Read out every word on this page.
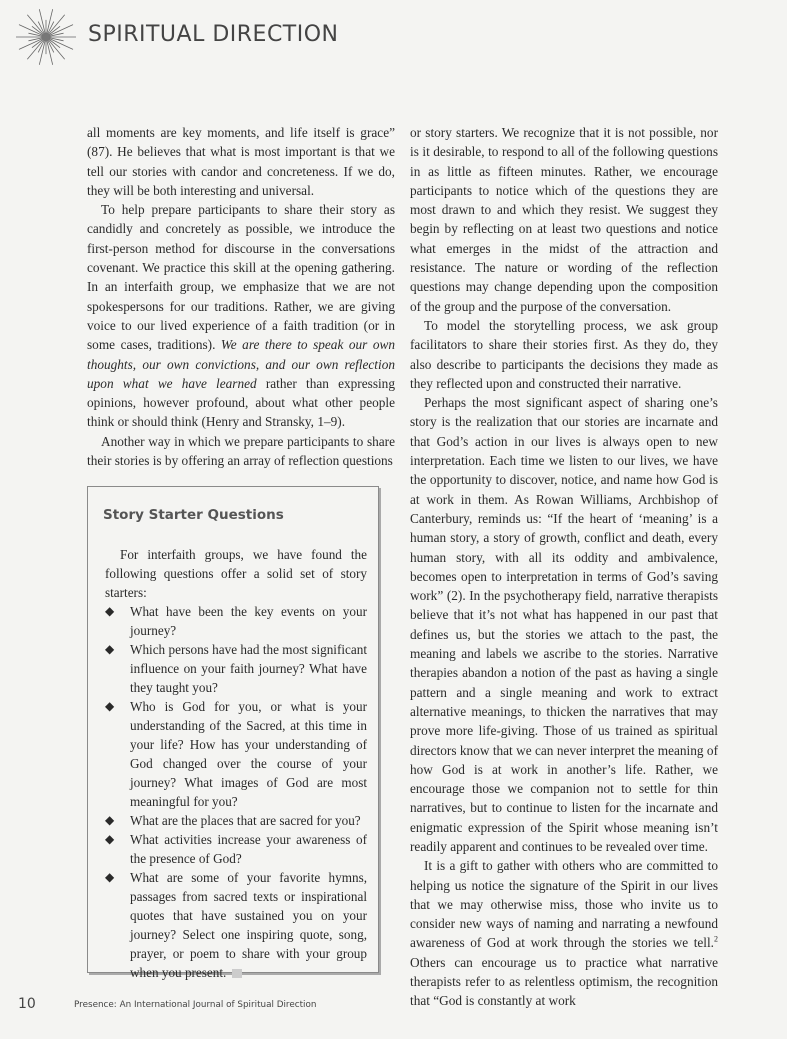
SPIRITUAL DIRECTION

all moments are key moments, and life itself is grace” (87). He believes that what is most important is that we tell our stories with candor and concreteness. If we do, they will be both interesting and universal.

To help prepare participants to share their story as candidly and concretely as possible, we introduce the first-person method for discourse in the conversations covenant. We practice this skill at the opening gathering. In an interfaith group, we emphasize that we are not spokespersons for our traditions. Rather, we are giving voice to our lived experience of a faith tradition (or in some cases, traditions). We are there to speak our own thoughts, our own convictions, and our own reflection upon what we have learned rather than expressing opinions, however profound, about what other people think or should think (Henry and Stransky, 1–9).

Another way in which we prepare participants to share their stories is by offering an array of reflection questions

Story Starter Questions

For interfaith groups, we have found the following questions offer a solid set of story starters:

◆ What have been the key events on your journey?
◆ Which persons have had the most significant influence on your faith journey? What have they taught you?
◆ Who is God for you, or what is your understanding of the Sacred, at this time in your life? How has your understanding of God changed over the course of your journey? What images of God are most meaningful for you?
◆ What are the places that are sacred for you?
◆ What activities increase your awareness of the presence of God?
◆ What are some of your favorite hymns, passages from sacred texts or inspirational quotes that have sustained you on your journey? Select one inspiring quote, song, prayer, or poem to share with your group when you present.

or story starters. We recognize that it is not possible, nor is it desirable, to respond to all of the following questions in as little as fifteen minutes. Rather, we encourage participants to notice which of the questions they are most drawn to and which they resist. We suggest they begin by reflecting on at least two questions and notice what emerges in the midst of the attraction and resistance. The nature or wording of the reflection questions may change depending upon the composition of the group and the purpose of the conversation.

To model the storytelling process, we ask group facilitators to share their stories first. As they do, they also describe to participants the decisions they made as they reflected upon and constructed their narrative.

Perhaps the most significant aspect of sharing one’s story is the realization that our stories are incarnate and that God’s action in our lives is always open to new interpretation. Each time we listen to our lives, we have the opportunity to discover, notice, and name how God is at work in them. As Rowan Williams, Archbishop of Canterbury, reminds us: “If the heart of ‘meaning’ is a human story, a story of growth, conflict and death, every human story, with all its oddity and ambivalence, becomes open to interpretation in terms of God’s saving work” (2). In the psychotherapy field, narrative therapists believe that it’s not what has happened in our past that defines us, but the stories we attach to the past, the meaning and labels we ascribe to the stories. Narrative therapies abandon a notion of the past as having a single pattern and a single meaning and work to extract alternative meanings, to thicken the narratives that may prove more life-giving. Those of us trained as spiritual directors know that we can never interpret the meaning of how God is at work in another’s life. Rather, we encourage those we companion not to settle for thin narratives, but to continue to listen for the incarnate and enigmatic expression of the Spirit whose meaning isn’t readily apparent and continues to be revealed over time.

It is a gift to gather with others who are committed to helping us notice the signature of the Spirit in our lives that we may otherwise miss, those who invite us to consider new ways of naming and narrating a newfound awareness of God at work through the stories we tell.$^2$ Others can encourage us to practice what narrative therapists refer to as relentless optimism, the recognition that “God is constantly at work

10	Presence: An International Journal of Spiritual Direction
